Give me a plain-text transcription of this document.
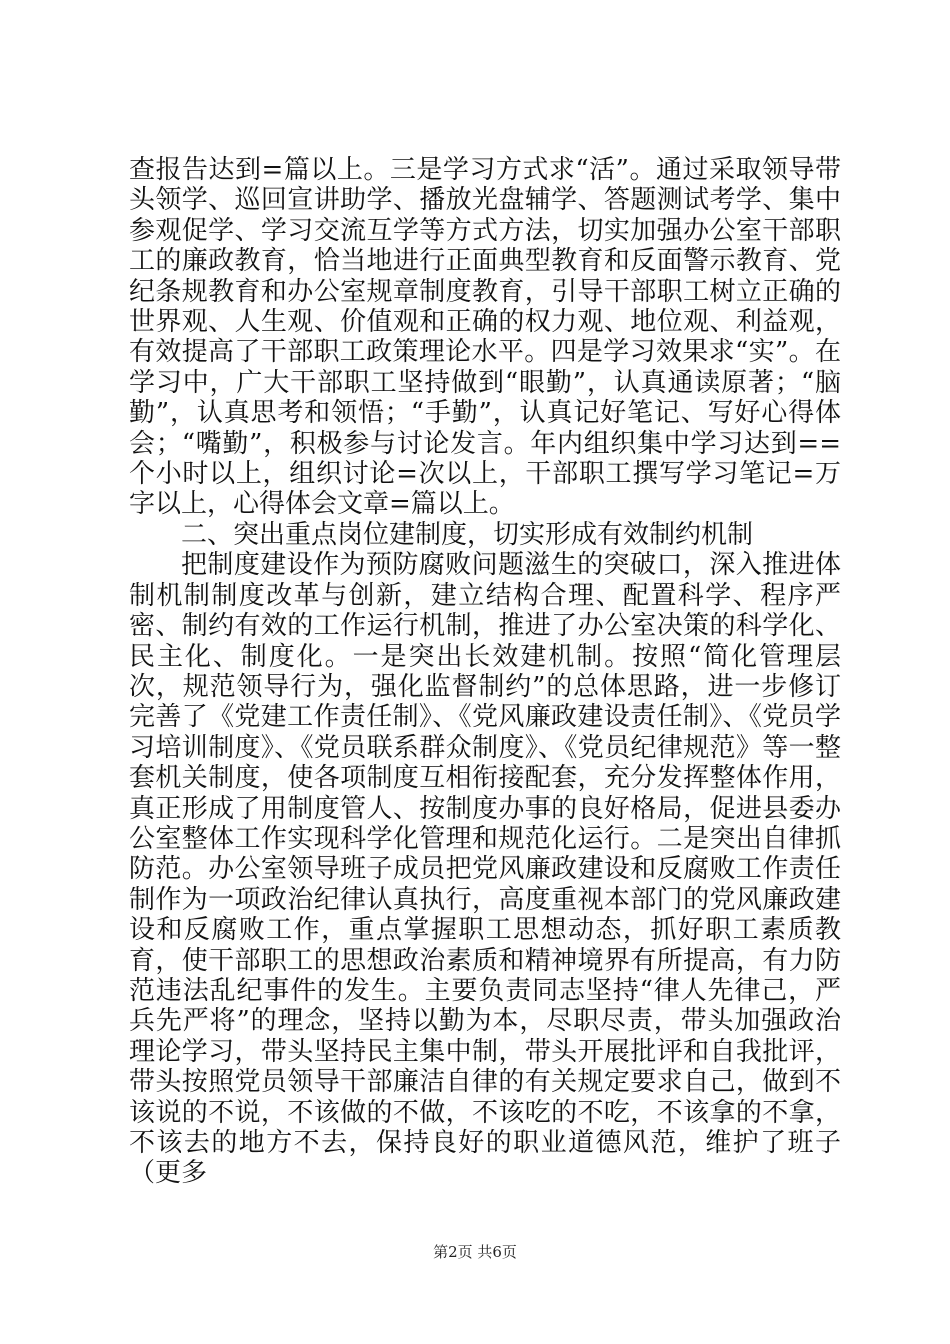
查报告达到=篇以上。三是学习方式求“活”。通过采取领导带头领学、巡回宣讲助学、播放光盘辅学、答题测试考学、集中参观促学、学习交流互学等方式方法，切实加强办公室干部职工的廉政教育，恰当地进行正面典型教育和反面警示教育、党纪条规教育和办公室规章制度教育，引导干部职工树立正确的世界观、人生观、价值观和正确的权力观、地位观、利益观，有效提高了干部职工政策理论水平。四是学习效果求“实”。在学习中，广大干部职工坚持做到“眼勤”，认真通读原著；“脑勤”，认真思考和领悟；“手勤”，认真记好笔记、写好心得体会；“嘴勤”，积极参与讨论发言。年内组织集中学习达到==个小时以上，组织讨论=次以上，干部职工撰写学习笔记=万字以上，心得体会文章=篇以上。

二、突出重点岗位建制度，切实形成有效制约机制

把制度建设作为预防腐败问题滋生的突破口，深入推进体制机制制度改革与创新，建立结构合理、配置科学、程序严密、制约有效的工作运行机制，推进了办公室决策的科学化、民主化、制度化。一是突出长效建机制。按照“简化管理层次，规范领导行为，强化监督制约”的总体思路，进一步修订完善了《党建工作责任制》、《党风廉政建设责任制》、《党员学习培训制度》、《党员联系群众制度》、《党员纪律规范》等一整套机关制度，使各项制度互相衔接配套，充分发挥整体作用，真正形成了用制度管人、按制度办事的良好格局，促进县委办公室整体工作实现科学化管理和规范化运行。二是突出自律抓防范。办公室领导班子成员把党风廉政建设和反腐败工作责任制作为一项政治纪律认真执行，高度重视本部门的党风廉政建设和反腐败工作，重点掌握职工思想动态，抓好职工素质教育，使干部职工的思想政治素质和精神境界有所提高，有力防范违法乱纪事件的发生。主要负责同志坚持“律人先律己，严兵先严将”的理念，坚持以勤为本，尽职尽责，带头加强政治理论学习，带头坚持民主集中制，带头开展批评和自我批评，带头按照党员领导干部廉洁自律的有关规定要求自己，做到不该说的不说，不该做的不做，不该吃的不吃，不该拿的不拿，不该去的地方不去，保持良好的职业道德风范，维护了班子（更多

第2页 共6页
